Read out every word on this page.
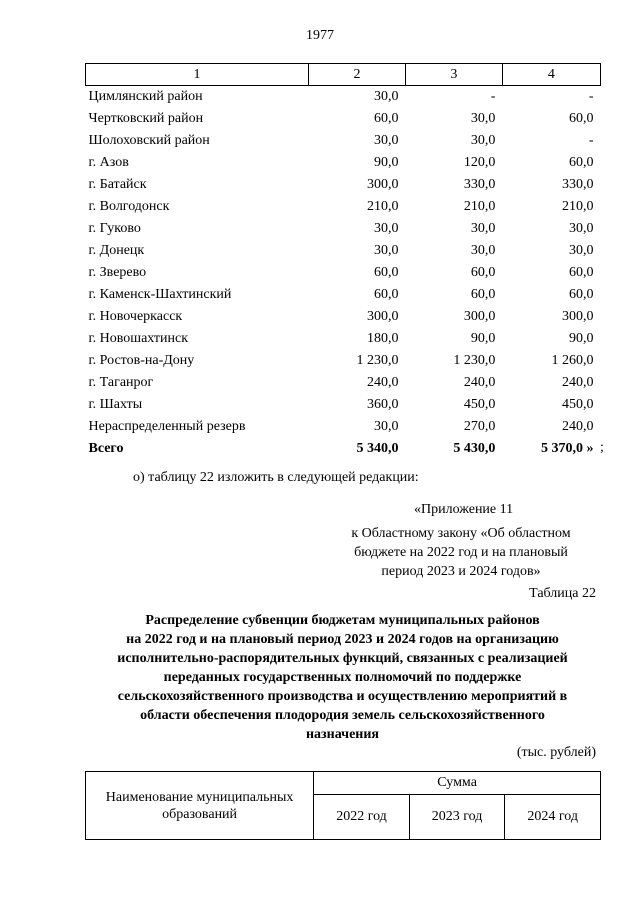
1977
1	2	3	4
Цимлянский район	30,0	-	-
Чертковский район	60,0	30,0	60,0
Шолоховский район	30,0	30,0	-
г. Азов	90,0	120,0	60,0
г. Батайск	300,0	330,0	330,0
г. Волгодонск	210,0	210,0	210,0
г. Гуково	30,0	30,0	30,0
г. Донецк	30,0	30,0	30,0
г. Зверево	60,0	60,0	60,0
г. Каменск-Шахтинский	60,0	60,0	60,0
г. Новочеркасск	300,0	300,0	300,0
г. Новошахтинск	180,0	90,0	90,0
г. Ростов-на-Дону	1 230,0	1 230,0	1 260,0
г. Таганрог	240,0	240,0	240,0
г. Шахты	360,0	450,0	450,0
Нераспределенный резерв	30,0	270,0	240,0
Всего	5 340,0	5 430,0	5 370,0 » ;
о) таблицу 22 изложить в следующей редакции:
«Приложение 11
к Областному закону «Об областном
бюджете на 2022 год и на плановый
период 2023 и 2024 годов»
Таблица 22
Распределение субвенции бюджетам муниципальных районов
на 2022 год и на плановый период 2023 и 2024 годов на организацию
исполнительно-распорядительных функций, связанных с реализацией
переданных государственных полномочий по поддержке
сельскохозяйственного производства и осуществлению мероприятий в
области обеспечения плодородия земель сельскохозяйственного
назначения
(тыс. рублей)
Наименование муниципальных
образований	Сумма		
	2022 год	2023 год	2024 год
